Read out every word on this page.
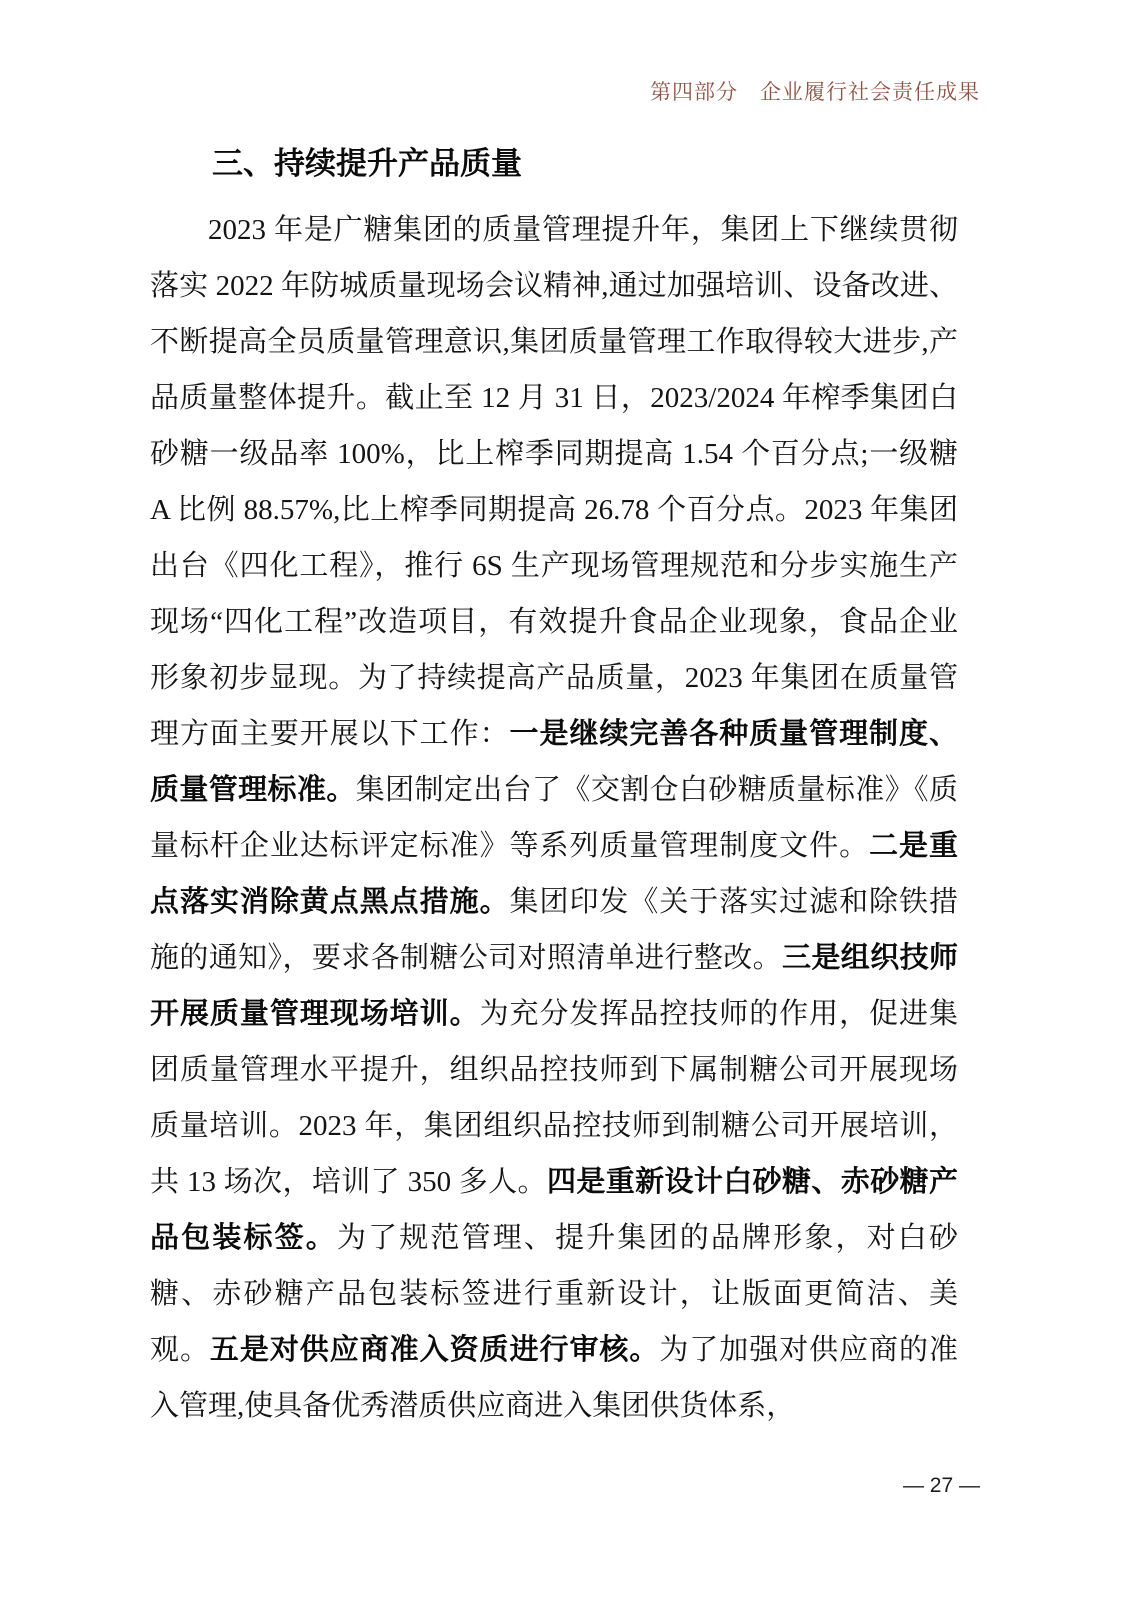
第四部分　企业履行社会责任成果
三、持续提升产品质量

2023 年是广糖集团的质量管理提升年，集团上下继续贯彻落实 2022 年防城质量现场会议精神,通过加强培训、设备改进、不断提高全员质量管理意识,集团质量管理工作取得较大进步,产品质量整体提升。截止至 12 月 31 日，2023/2024 年榨季集团白砂糖一级品率 100%，比上榨季同期提高 1.54 个百分点;一级糖 A 比例 88.57%,比上榨季同期提高 26.78 个百分点。2023 年集团出台《四化工程》，推行 6S 生产现场管理规范和分步实施生产现场“四化工程”改造项目，有效提升食品企业现象，食品企业形象初步显现。为了持续提高产品质量，2023 年集团在质量管理方面主要开展以下工作：一是继续完善各种质量管理制度、质量管理标准。集团制定出台了《交割仓白砂糖质量标准》《质量标杆企业达标评定标准》等系列质量管理制度文件。二是重点落实消除黄点黑点措施。集团印发《关于落实过滤和除铁措施的通知》，要求各制糖公司对照清单进行整改。三是组织技师开展质量管理现场培训。为充分发挥品控技师的作用，促进集团质量管理水平提升，组织品控技师到下属制糖公司开展现场质量培训。2023 年，集团组织品控技师到制糖公司开展培训，共 13 场次，培训了 350 多人。四是重新设计白砂糖、赤砂糖产品包装标签。为了规范管理、提升集团的品牌形象，对白砂糖、赤砂糖产品包装标签进行重新设计，让版面更简洁、美观。五是对供应商准入资质进行审核。为了加强对供应商的准入管理,使具备优秀潜质供应商进入集团供货体系，

— 27 —
